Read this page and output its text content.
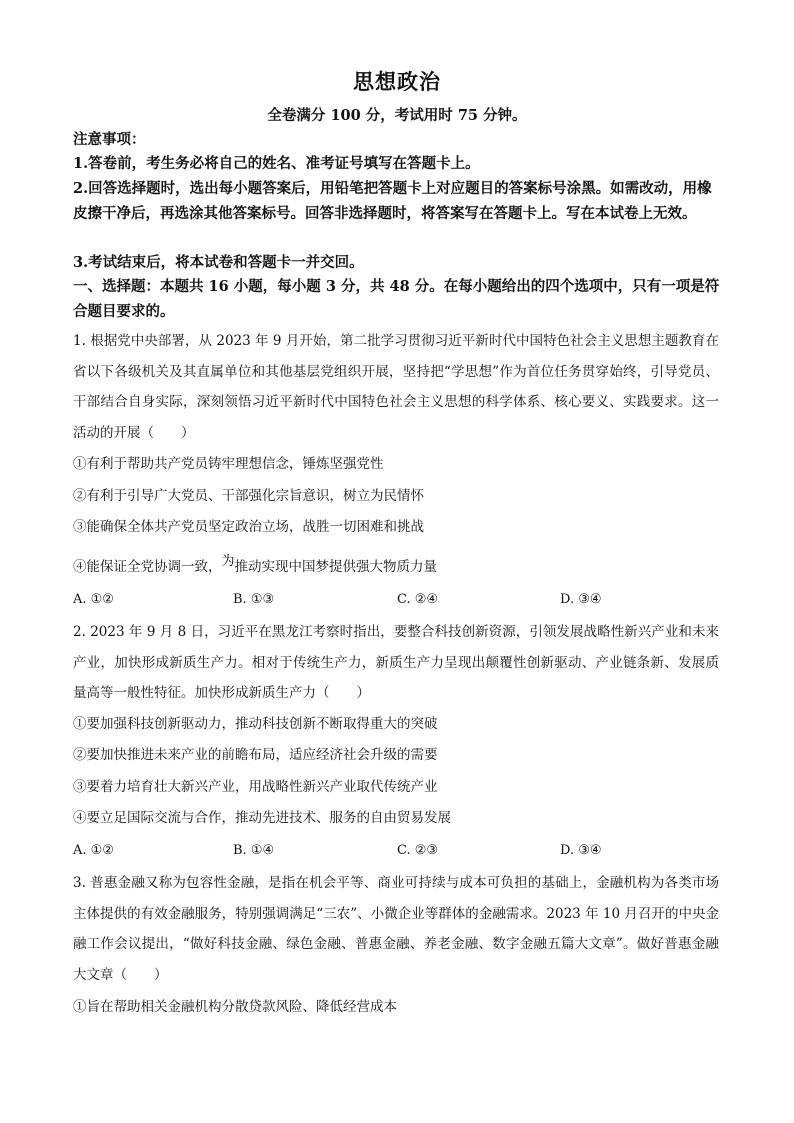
思想政治
全卷满分 100 分，考试用时 75 分钟。
注意事项：
1.答卷前，考生务必将自己的姓名、准考证号填写在答题卡上。
2.回答选择题时，选出每小题答案后，用铅笔把答题卡上对应题目的答案标号涂黑。如需改动，用橡皮擦干净后，再选涂其他答案标号。回答非选择题时，将答案写在答题卡上。写在本试卷上无效。
3.考试结束后，将本试卷和答题卡一并交回。
一、选择题：本题共 16 小题，每小题 3 分，共 48 分。在每小题给出的四个选项中，只有一项是符合题目要求的。
1. 根据党中央部署，从 2023 年 9 月开始，第二批学习贯彻习近平新时代中国特色社会主义思想主题教育在省以下各级机关及其直属单位和其他基层党组织开展，坚持把“学思想”作为首位任务贯穿始终，引导党员、干部结合自身实际，深刻领悟习近平新时代中国特色社会主义思想的科学体系、核心要义、实践要求。这一活动的开展（　　）
①有利于帮助共产党员铸牢理想信念，锤炼坚强党性
②有利于引导广大党员、干部强化宗旨意识，树立为民情怀
③能确保全体共产党员坚定政治立场，战胜一切困难和挑战
④能保证全党协调一致，为推动实现中国梦提供强大物质力量
A. ①②	B. ①③	C. ②④	D. ③④
2. 2023 年 9 月 8 日，习近平在黑龙江考察时指出，要整合科技创新资源，引领发展战略性新兴产业和未来产业，加快形成新质生产力。相对于传统生产力，新质生产力呈现出颠覆性创新驱动、产业链条新、发展质量高等一般性特征。加快形成新质生产力（　　）
①要加强科技创新驱动力，推动科技创新不断取得重大的突破
②要加快推进未来产业的前瞻布局，适应经济社会升级的需要
③要着力培育壮大新兴产业，用战略性新兴产业取代传统产业
④要立足国际交流与合作，推动先进技术、服务的自由贸易发展
A. ①②	B. ①④	C. ②③	D. ③④
3. 普惠金融又称为包容性金融，是指在机会平等、商业可持续与成本可负担的基础上，金融机构为各类市场主体提供的有效金融服务，特别强调满足“三农”、小微企业等群体的金融需求。2023 年 10 月召开的中央金融工作会议提出，“做好科技金融、绿色金融、普惠金融、养老金融、数字金融五篇大文章”。做好普惠金融大文章（　　）
①旨在帮助相关金融机构分散贷款风险、降低经营成本
